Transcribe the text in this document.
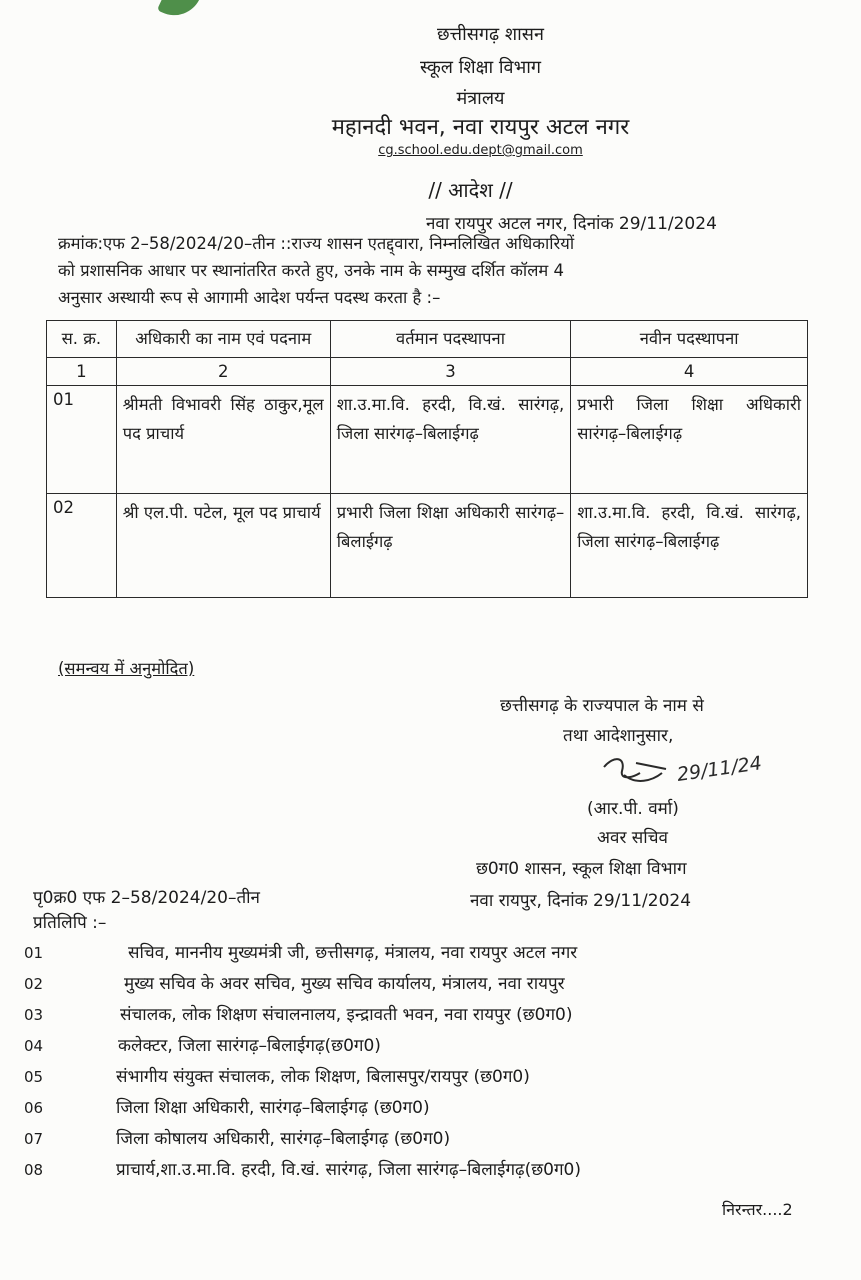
छत्तीसगढ़ शासन
स्कूल शिक्षा विभाग
मंत्रालय
महानदी भवन, नवा रायपुर अटल नगर
cg.school.edu.dept@gmail.com
// आदेश //
नवा रायपुर अटल नगर, दिनांक 29/11/2024

क्रमांक:एफ 2–58/2024/20–तीन ::राज्य शासन एतद्द्वारा, निम्नलिखित अधिकारियों

को प्रशासनिक आधार पर स्थानांतरित करते हुए, उनके नाम के सम्मुख दर्शित कॉलम 4

अनुसार अस्थायी रूप से आगामी आदेश पर्यन्त पदस्थ करता है :–

स. क्र.	अधिकारी का नाम एवं पदनाम	वर्तमान पदस्थापना	नवीन पदस्थापना
1	2	3	4
01	श्रीमती विभावरी सिंह ठाकुर,मूल पद प्राचार्य	शा.उ.मा.वि. हरदी, वि.खं. सारंगढ़, जिला सारंगढ़–बिलाईगढ़	प्रभारी जिला शिक्षा अधिकारी सारंगढ़–बिलाईगढ़
02	श्री एल.पी. पटेल, मूल पद प्राचार्य	प्रभारी जिला शिक्षा अधिकारी सारंगढ़–बिलाईगढ़	शा.उ.मा.वि. हरदी, वि.खं. सारंगढ़, जिला सारंगढ़–बिलाईगढ़
(समन्वय में अनुमोदित)
छत्तीसगढ़ के राज्यपाल के नाम से
तथा आदेशानुसार,
29/11/24
(आर.पी. वर्मा)
अवर सचिव
छ0ग0 शासन, स्कूल शिक्षा विभाग
नवा रायपुर, दिनांक 29/11/2024
पृ0क्र0 एफ 2–58/2024/20–तीन
प्रतिलिपि :–
01	सचिव, माननीय मुख्यमंत्री जी, छत्तीसगढ़, मंत्रालय, नवा रायपुर अटल नगर
02	मुख्य सचिव के अवर सचिव, मुख्य सचिव कार्यालय, मंत्रालय, नवा रायपुर
03	संचालक, लोक शिक्षण संचालनालय, इन्द्रावती भवन, नवा रायपुर (छ0ग0)
04	कलेक्टर, जिला सारंगढ़–बिलाईगढ़(छ0ग0)
05	संभागीय संयुक्त संचालक, लोक शिक्षण, बिलासपुर/रायपुर (छ0ग0)
06	जिला शिक्षा अधिकारी, सारंगढ़–बिलाईगढ़ (छ0ग0)
07	जिला कोषालय अधिकारी, सारंगढ़–बिलाईगढ़ (छ0ग0)
08	प्राचार्य,शा.उ.मा.वि. हरदी, वि.खं. सारंगढ़, जिला सारंगढ़–बिलाईगढ़(छ0ग0)
निरन्तर....2
